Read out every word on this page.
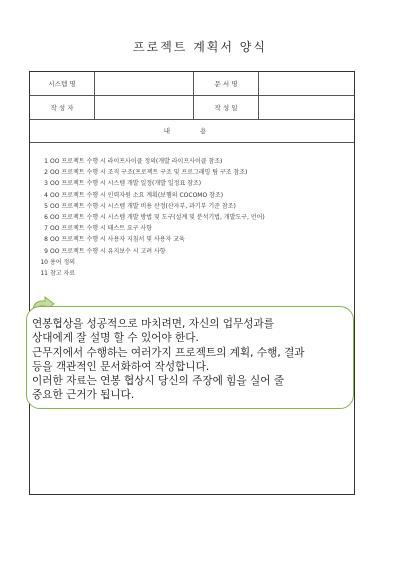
프로젝트 계획서 양식
시스템 명		문 서 명	
작 성 자		작 성 일	
내 용
1 OO 프로젝트 수행 시 라이프사이클 정의(개발 라이프사이클 참조)
2 OO 프로젝트 수행 시 조직 구조(프로젝트 구조 및 프로그래밍 팀 구조 참조)
3 OO 프로젝트 수행 시 시스템 개발 일정(개발 일정표 참조)
4 OO 프로젝트 수행 시 인력자원 소요 계획(보헴의 COCOMO 참조)
5 OO 프로젝트 수행 시 시스템 개발 비용 산정(산자부, 과기부 기준 참조)
6 OO 프로젝트 수행 시 시스템 개발 방법 및 도구(설계 및 분석기법, 개발도구, 언어)
7 OO 프로젝트 수행 시 테스트 요구 사항
8 OO 프로젝트 수행 시 사용자 지침서 및 사용자 교육
9 OO 프로젝트 수행 시 유지보수 시 고려 사항
10 용어 정의
11 참고 자료
연봉협상을 성공적으로 마치려면, 자신의 업무성과를
상대에게 잘 설명 할 수 있어야 한다.
근무지에서 수행하는 여러가지 프로젝트의 계획, 수행, 결과
등을 객관적인 문서화하여 작성합니다.
이러한 자료는 연봉 협상시 당신의 주장에 힘을 실어 줄
중요한 근거가 됩니다.
